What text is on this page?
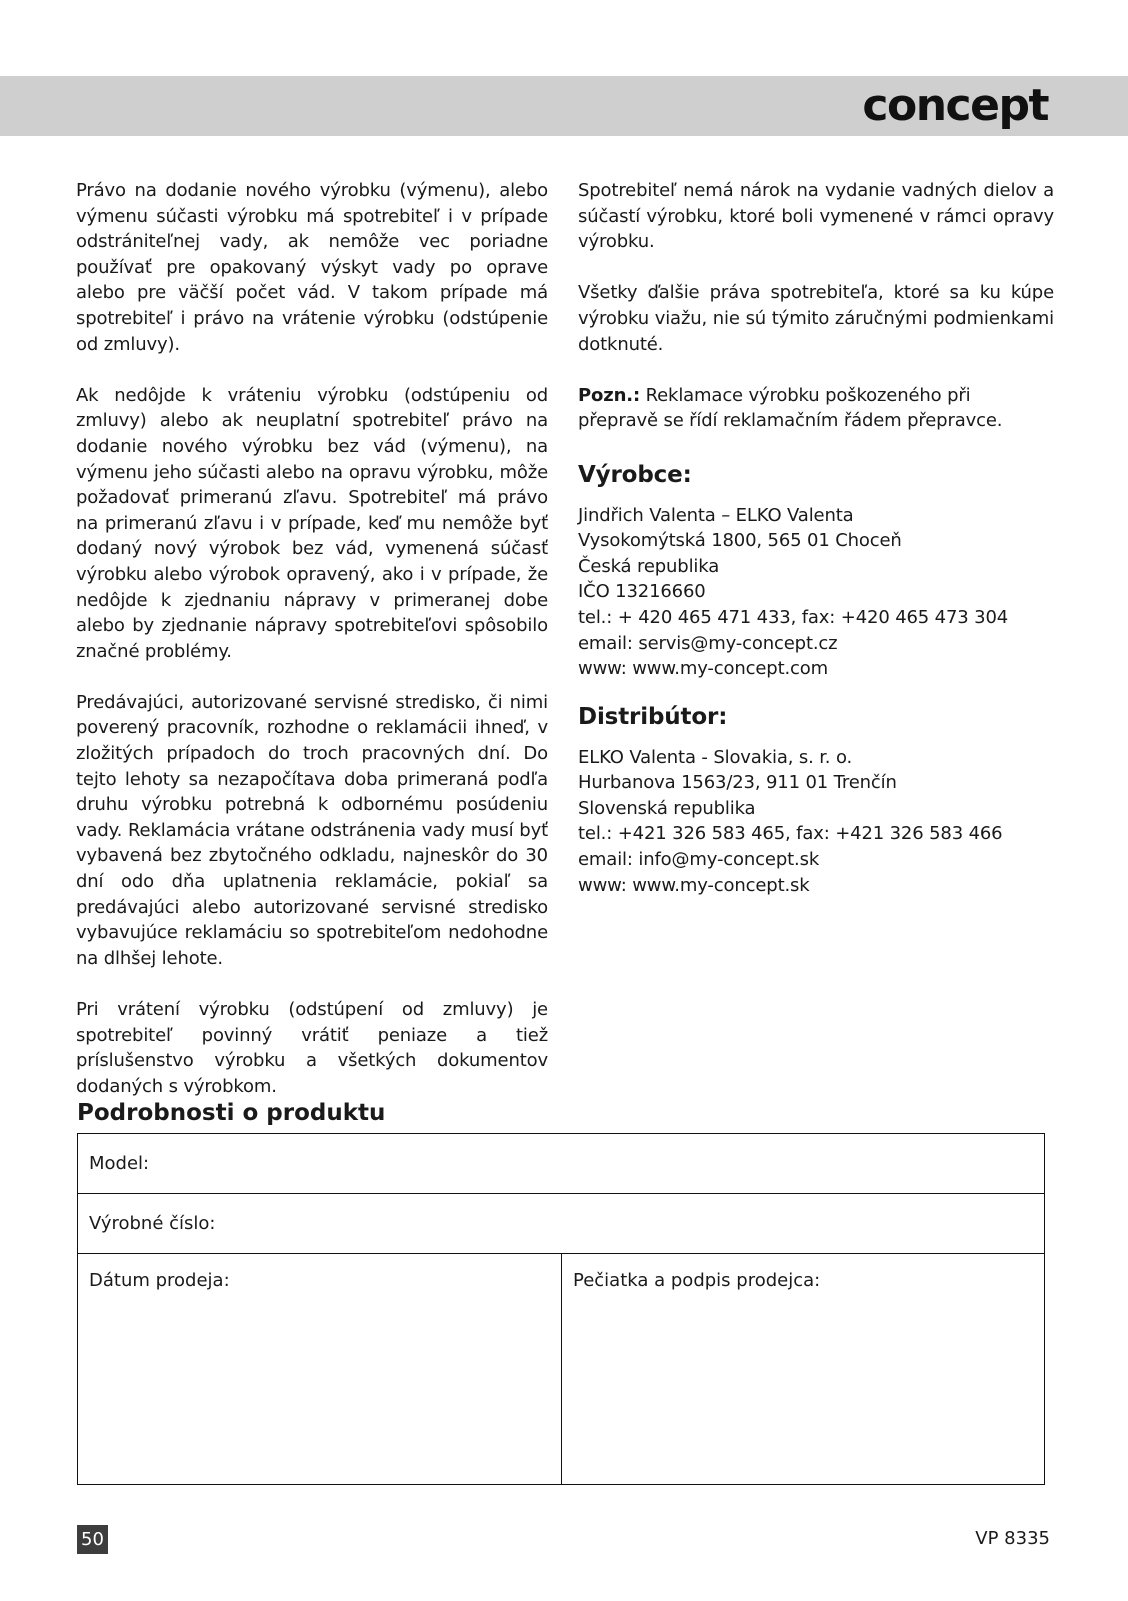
concept

Právo na dodanie nového výrobku (výmenu), alebo výmenu súčasti výrobku má spotrebiteľ i v prípade odstrániteľnej vady, ak nemôže vec poriadne používať pre opakovaný výskyt vady po oprave alebo pre väčší počet vád. V takom prípade má spotrebiteľ i právo na vrátenie výrobku (odstúpenie od zmluvy).

Ak nedôjde k vráteniu výrobku (odstúpeniu od zmluvy) alebo ak neuplatní spotrebiteľ právo na dodanie nového výrobku bez vád (výmenu), na výmenu jeho súčasti alebo na opravu výrobku, môže požadovať primeranú zľavu. Spotrebiteľ má právo na primeranú zľavu i v prípade, keď mu nemôže byť dodaný nový výrobok bez vád, vymenená súčasť výrobku alebo výrobok opravený, ako i v prípade, že nedôjde k zjednaniu nápravy v primeranej dobe alebo by zjednanie nápravy spotrebiteľovi spôsobilo značné problémy.

Predávajúci, autorizované servisné stredisko, či nimi poverený pracovník, rozhodne o reklamácii ihneď, v zložitých prípadoch do troch pracovných dní. Do tejto lehoty sa nezapočítava doba primeraná podľa druhu výrobku potrebná k odbornému posúdeniu vady. Reklamácia vrátane odstránenia vady musí byť vybavená bez zbytočného odkladu, najneskôr do 30 dní odo dňa uplatnenia reklamácie, pokiaľ sa predávajúci alebo autorizované servisné stredisko vybavujúce reklamáciu so spotrebiteľom nedohodne na dlhšej lehote.

Pri vrátení výrobku (odstúpení od zmluvy) je spotrebiteľ povinný vrátiť peniaze a tiež príslušenstvo výrobku a všetkých dokumentov dodaných s výrobkom.

Spotrebiteľ nemá nárok na vydanie vadných dielov a súčastí výrobku, ktoré boli vymenené v rámci opravy výrobku.

Všetky ďalšie práva spotrebiteľa, ktoré sa ku kúpe výrobku viažu, nie sú týmito záručnými podmienkami dotknuté.

Pozn.: Reklamace výrobku poškozeného při přepravě se řídí reklamačním řádem přepravce.

Výrobce:
Jindřich Valenta – ELKO Valenta
Vysokomýtská 1800, 565 01 Choceň
Česká republika
IČO 13216660
tel.: + 420 465 471 433, fax: +420 465 473 304
email: servis@my-concept.cz
www: www.my-concept.com
Distribútor:
ELKO Valenta - Slovakia, s. r. o.
Hurbanova 1563/23, 911 01 Trenčín
Slovenská republika
tel.: +421 326 583 465, fax: +421 326 583 466
email: info@my-concept.sk
www: www.my-concept.sk
Podrobnosti o produktu
Model:
Výrobné číslo:
Dátum prodeja:	Pečiatka a podpis prodejca:
50	VP 8335
